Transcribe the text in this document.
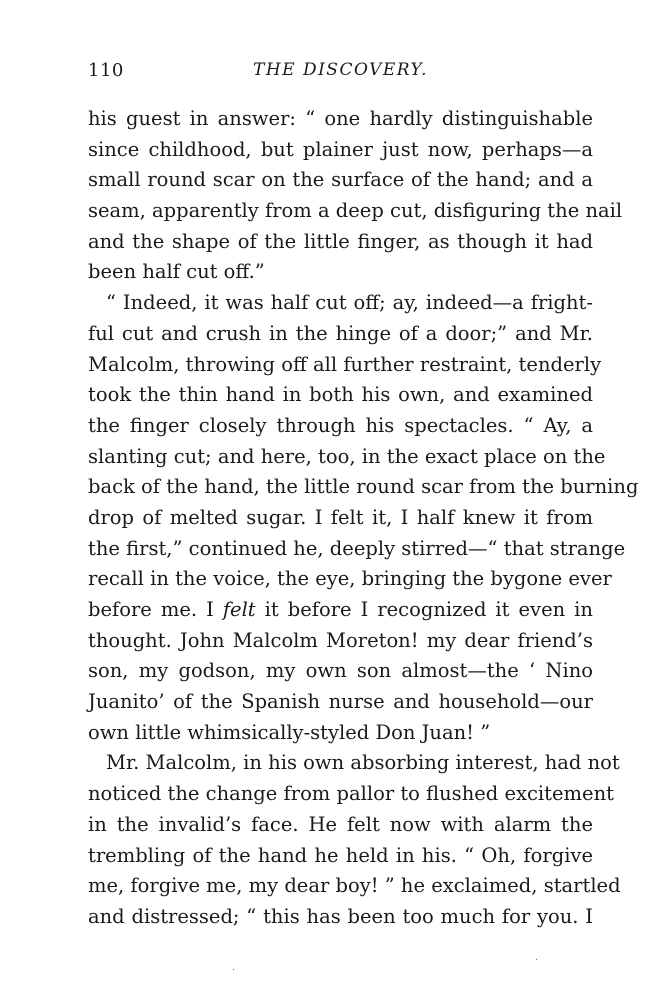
110	THE DISCOVERY.
his guest in answer: “ one hardly distinguishable
since childhood, but plainer just now, perhaps—a
small round scar on the surface of the hand; and a
seam, apparently from a deep cut, disfiguring the nail
and the shape of the little finger, as though it had
been half cut off.”
“ Indeed, it was half cut off; ay, indeed—a fright-
ful cut and crush in the hinge of a door;” and Mr.
Malcolm, throwing off all further restraint, tenderly
took the thin hand in both his own, and examined
the finger closely through his spectacles. “ Ay, a
slanting cut; and here, too, in the exact place on the
back of the hand, the little round scar from the burning
drop of melted sugar. I felt it, I half knew it from
the first,” continued he, deeply stirred—“ that strange
recall in the voice, the eye, bringing the bygone ever
before me. I felt it before I recognized it even in
thought. John Malcolm Moreton! my dear friend’s
son, my godson, my own son almost—the ‘ Nino
Juanito’ of the Spanish nurse and household—our
own little whimsically-styled Don Juan! ”
Mr. Malcolm, in his own absorbing interest, had not
noticed the change from pallor to flushed excitement
in the invalid’s face. He felt now with alarm the
trembling of the hand he held in his. “ Oh, forgive
me, forgive me, my dear boy! ” he exclaimed, startled
and distressed; “ this has been too much for you. I
·
·
